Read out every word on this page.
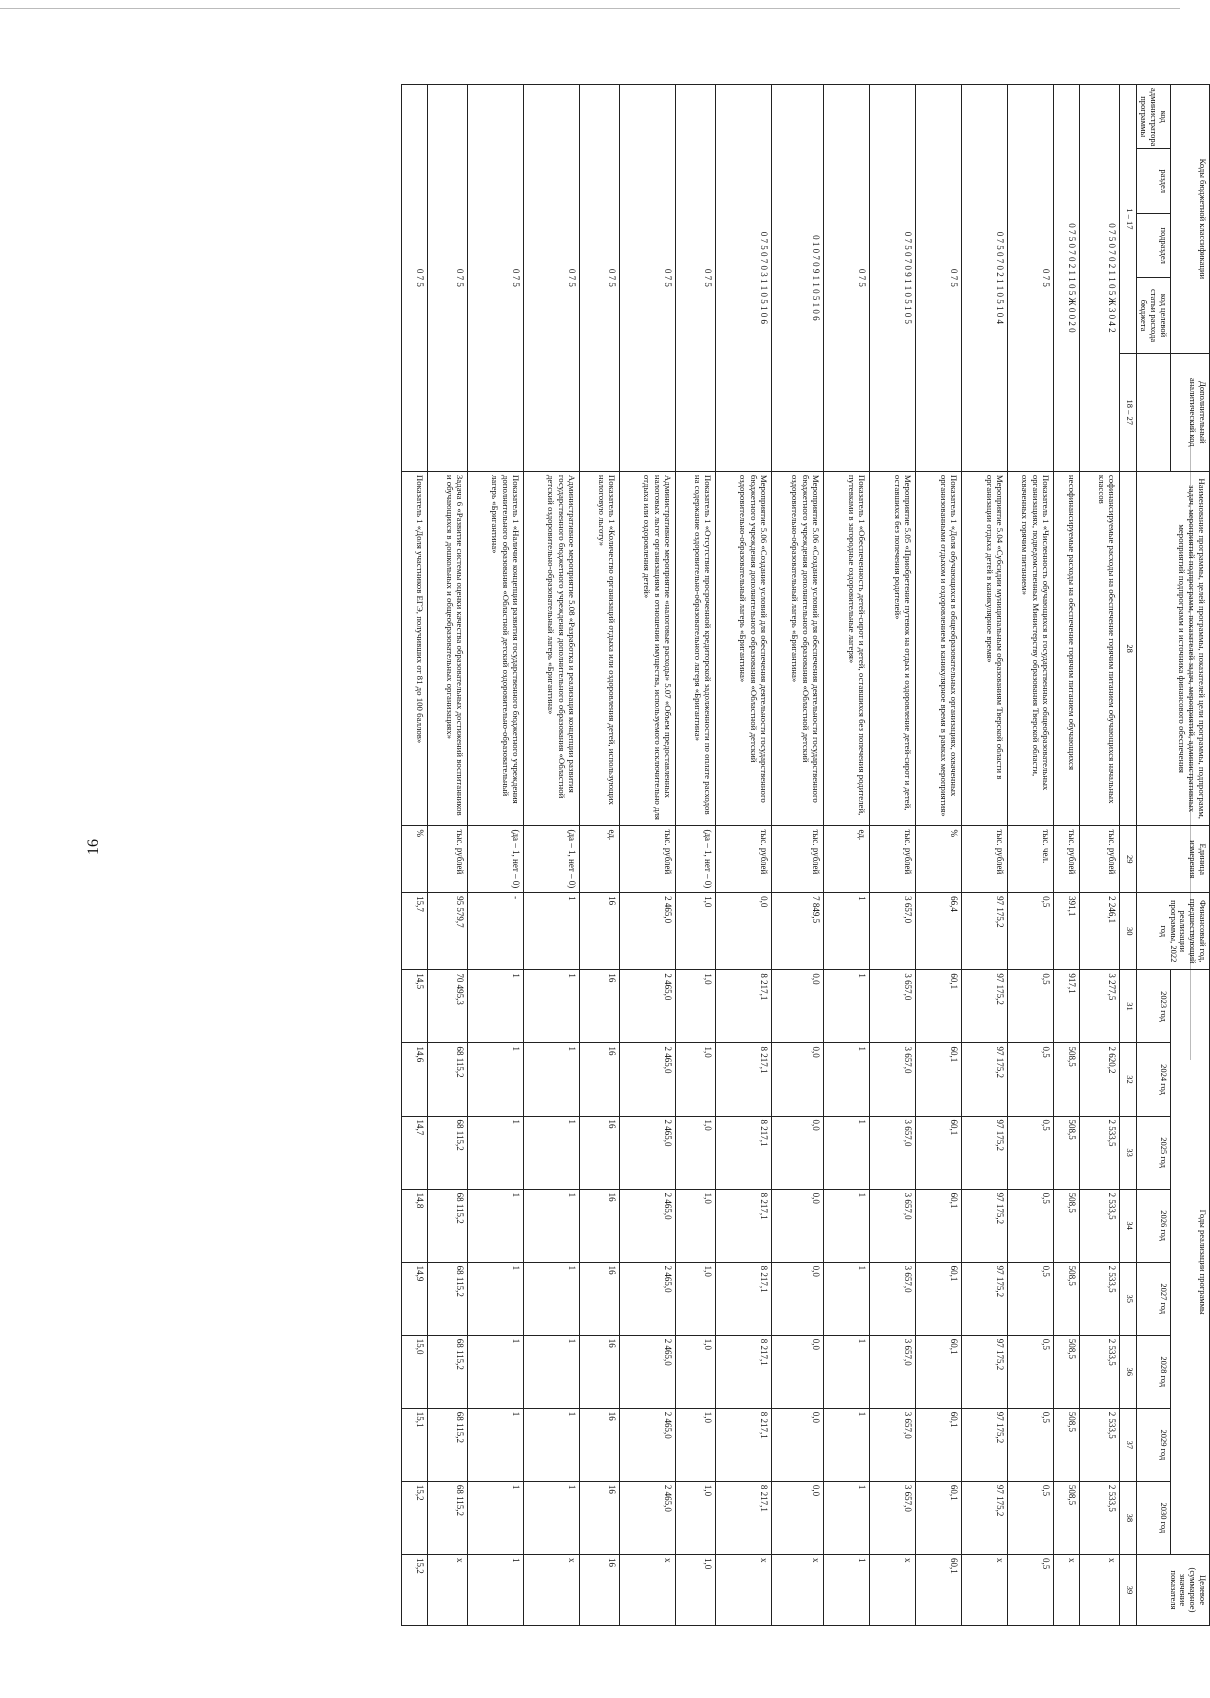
16
Коды бюджетной классификации				Дополнительный аналитический код	Наименование программы, целей программы, показателей цели программы, подпрограмм, задач, мероприятий подпрограмм, показателей задач, мероприятий, административных мероприятий подпрограмм и источника финансового обеспечения	Единица измерения	Финансовый год, предшествующий реализации программы, 2022 год	Годы реализации программы								Целевое (суммарное) значение показателя
код администратора программы	раздел	подраздел	код целевой статьи расхода бюджета					2023 год	2024 год	2025 год	2026 год	2027 год	2028 год	2029 год	2030 год	

1 – 17				18 – 27	28	29	30	31	32	33	34	35	36	37	38	39
0 7 5 0 7 0 2 1 1 0 5 Ж 3 0 4 2					софинансируемые расходы на обеспечение горячим питанием обучающихся начальных классов	тыс. рублей	2 246,1	3 277,5	2 620,2	2 533,5	2 533,5	2 533,5	2 533,5	2 533,5	2 533,5	х
0 7 5 0 7 0 2 1 1 0 5 Ж 0 0 2 0					несофинансируемые расходы на обеспечение горячим питанием обучающихся	тыс. рублей	391,1	917,1	508,5	508,5	508,5	508,5	508,5	508,5	508,5	х
0 7 5					Показатель 1 «Численность обучающихся в государственных общеобразовательных организациях, подведомственных Министерству образования Тверской области, охваченных горячим питанием»	тыс. чел.	0,5	0,5	0,5	0,5	0,5	0,5	0,5	0,5	0,5	0,5
0 7 5 0 7 0 2 1 1 0 5 1 0 4					Мероприятие 5.04 «Субсидии муниципальным образованиям Тверской области в организации отдыха детей в каникулярное время»	тыс. рублей	97 175,2	97 175,2	97 175,2	97 175,2	97 175,2	97 175,2	97 175,2	97 175,2	97 175,2	х
0 7 5					Показатель 1 «Доля обучающихся в общеобразовательных организациях, охваченных организованными отдыхом и оздоровлением в каникулярное время в рамках мероприятия»	%	66,4	60,1	60,1	60,1	60,1	60,1	60,1	60,1	60,1	60,1
0 7 5 0 7 0 9 1 1 0 5 1 0 5					Мероприятие 5.05 «Приобретение путевок на отдых и оздоровление детей-сирот и детей, оставшихся без попечения родителей»	тыс. рублей	3 657,0	3 657,0	3 657,0	3 657,0	3 657,0	3 657,0	3 657,0	3 657,0	3 657,0	х
0 7 5					Показатель 1 «Обеспеченность детей-сирот и детей, оставшихся без попечения родителей, путевками в загородные оздоровительные лагеря»	ед.	1	1	1	1	1	1	1	1	1	1
0 1 0 7 0 9 1 1 0 5 1 0 6					Мероприятие 5.06 «Создание условий для обеспечения деятельности государственного бюджетного учреждения дополнительного образования «Областной детский оздоровительно-образовательный лагерь «Бригантина»	тыс. рублей	7 849,5	0,0	0,0	0,0	0,0	0,0	0,0	0,0	0,0	х
0 7 5 0 7 0 3 1 1 0 5 1 0 6					Мероприятие 5.06 «Создание условий для обеспечения деятельности государственного бюджетного учреждения дополнительного образования «Областной детский оздоровительно-образовательный лагерь «Бригантина»	тыс. рублей	0,0	8 217,1	8 217,1	8 217,1	8 217,1	8 217,1	8 217,1	8 217,1	8 217,1	х
0 7 5					Показатель 1 «Отсутствие просроченной кредиторской задолженности по оплате расходов на содержание оздоровительно-образовательного лагеря «Бригантина»	(да – 1, нет – 0)	1,0	1,0	1,0	1,0	1,0	1,0	1,0	1,0	1,0	1,0
0 7 5					Административное мероприятие «налоговые расходы» 5.07 «Объем предоставленных налоговых льгот организациям в отношении имущества, используемого исключительно для отдыха или оздоровления детей»	тыс. рублей	2 465,0	2 465,0	2 465,0	2 465,0	2 465,0	2 465,0	2 465,0	2 465,0	2 465,0	х
0 7 5					Показатель 1 «Количество организаций отдыха или оздоровления детей, использующих налоговую льготу»	ед.	16	16	16	16	16	16	16	16	16	16
0 7 5					Административное мероприятие 5.08 «Разработка и реализация концепции развития государственного бюджетного учреждения дополнительного образования «Областной детский оздоровительно-образовательный лагерь «Бригантина»	(да – 1, нет – 0)	1	1	1	1	1	1	1	1	1	х
0 7 5					Показатель 1 «Наличие концепции развития государственного бюджетного учреждения дополнительного образования «Областной детский оздоровительно-образовательный лагерь «Бригантина»	(да – 1, нет – 0)	-	1	1	1	1	1	1	1	1	1
0 7 5					Задача 6 «Развитие системы оценки качества образовательных достижений воспитанников и обучающихся в дошкольных и общеобразовательных организациях»	тыс. рублей	95 579,7	70 495,3	68 115,2	68 115,2	68 115,2	68 115,2	68 115,2	68 115,2	68 115,2	х
0 7 5					Показатель 1 «Доля участников ЕГЭ, получивших от 81 до 100 баллов»	%	15,7	14,5	14,6	14,7	14,8	14,9	15,0	15,1	15,2	15,2
